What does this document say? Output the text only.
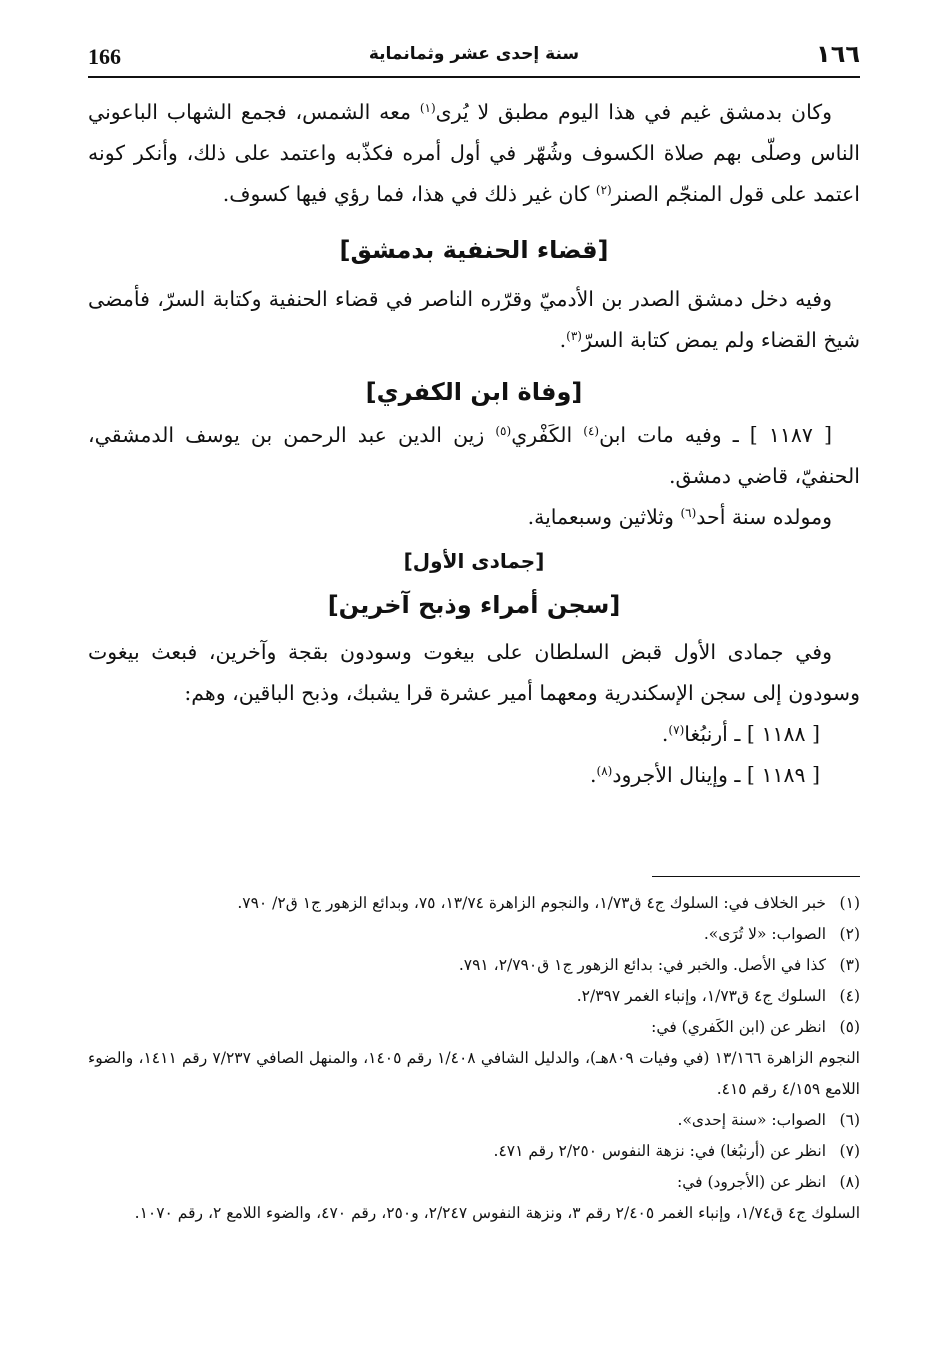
166	سنة إحدى عشر وثمانماية	١٦٦

وكان بدمشق غيم في هذا اليوم مطبق لا يُرى$^{(١)}$ معه الشمس، فجمع الشهاب الباعوني الناس وصلّى بهم صلاة الكسوف وشُهّر في أول أمره فكذّبه واعتمد على ذلك، وأنكر كونه اعتمد على قول المنجّم الصنر$^{(٢)}$ كان غير ذلك في هذا، فما رؤي فيها كسوف.

[قضاء الحنفية بدمشق]

وفيه دخل دمشق الصدر بن الأدميّ وقرّره الناصر في قضاء الحنفية وكتابة السرّ، فأمضى شيخ القضاء ولم يمض كتابة السرّ$^{(٣)}$.

[وفاة ابن الكفري]

[ ١١٨٧ ] ـ وفيه مات ابن$^{(٤)}$ الكَفْري$^{(٥)}$ زين الدين عبد الرحمن بن يوسف الدمشقي، الحنفيّ، قاضي دمشق.

ومولده سنة أحد$^{(٦)}$ وثلاثين وسبعماية.

[جمادى الأول]

[سجن أمراء وذبح آخرين]

وفي جمادى الأول قبض السلطان على بيغوت وسودون بقجة وآخرين، فبعث بيغوت وسودون إلى سجن الإسكندرية ومعهما أمير عشرة قرا يشبك، وذبح الباقين، وهم:

[ ١١٨٨ ] ـ أرنبُغا$^{(٧)}$.

[ ١١٨٩ ] ـ وإينال الأجرود$^{(٨)}$.

(١)خبر الخلاف في: السلوك ج٤ ق١/٧٣، والنجوم الزاهرة ١٣/٧٤، ٧٥، وبدائع الزهور ج١ ق٢/ ٧٩٠.

(٢)الصواب: «لا تُرَى».

(٣)كذا في الأصل. والخبر في: بدائع الزهور ج١ ق٢/٧٩٠، ٧٩١.

(٤)السلوك ج٤ ق١/٧٣، وإنباء الغمر ٢/٣٩٧.

(٥)انظر عن (ابن الكَفري) في:

النجوم الزاهرة ١٣/١٦٦ (في وفيات ٨٠٩هـ)، والدليل الشافي ١/٤٠٨ رقم ١٤٠٥، والمنهل الصافي ٧/٢٣٧ رقم ١٤١١، والضوء اللامع ٤/١٥٩ رقم ٤١٥.

(٦)الصواب: «سنة إحدى».

(٧)انظر عن (أرنبُغا) في: نزهة النفوس ٢/٢٥٠ رقم ٤٧١.

(٨)انظر عن (الأجرود) في:

السلوك ج٤ ق١/٧٤، وإنباء الغمر ٢/٤٠٥ رقم ٣، ونزهة النفوس ٢/٢٤٧، و٢٥٠، رقم ٤٧٠، والضوء اللامع ٢، رقم ١٠٧٠.
